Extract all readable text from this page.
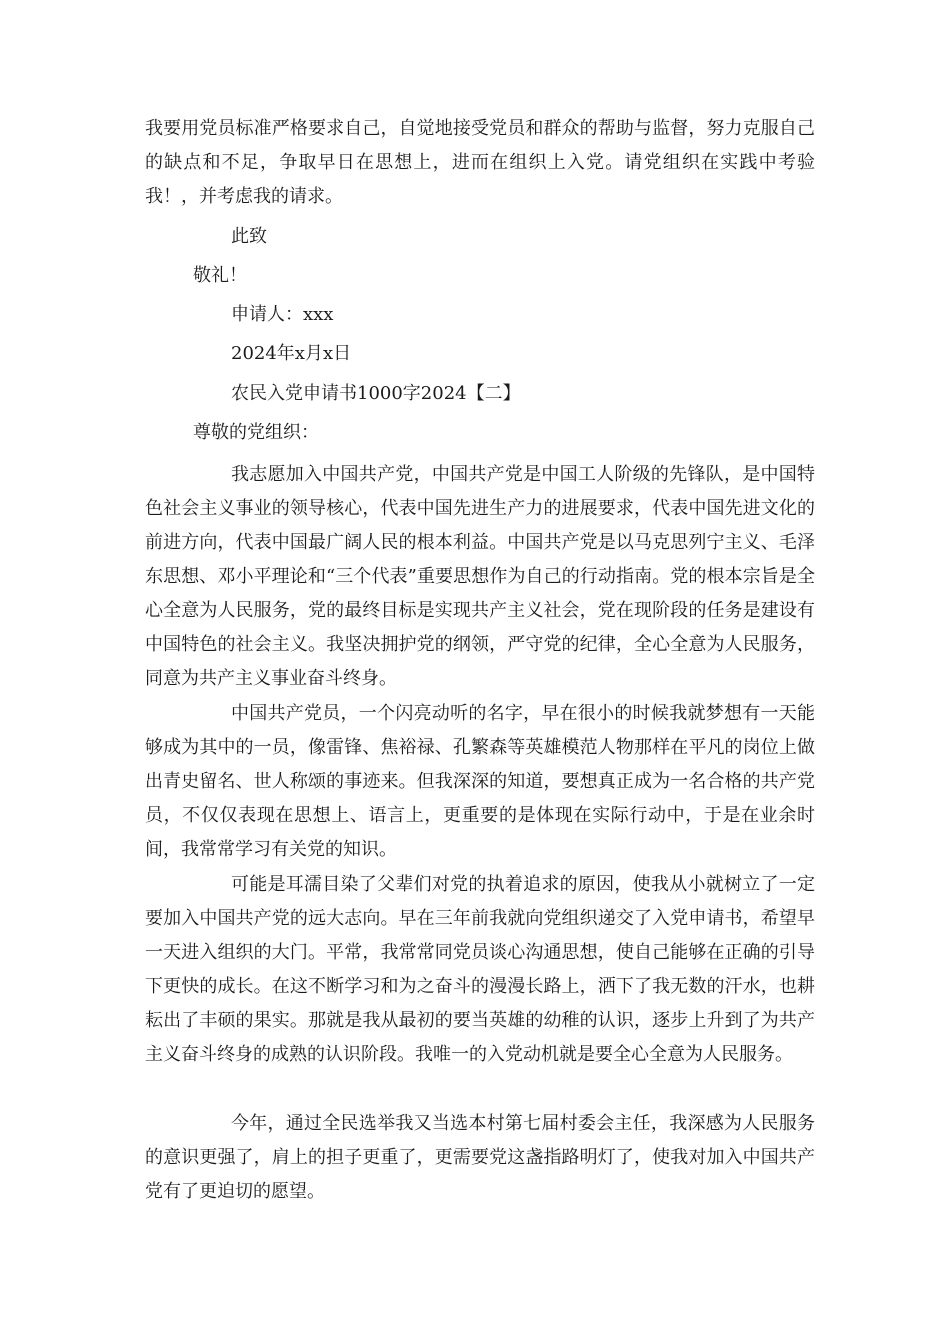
我要用党员标准严格要求自己，自觉地接受党员和群众的帮助与监督，努力克服自己的缺点和不足，争取早日在思想上，进而在组织上入党。请党组织在实践中考验我！，并考虑我的请求。

此致

敬礼！

申请人：xxx

2024年x月x日

农民入党申请书1000字2024【二】

尊敬的党组织：

我志愿加入中国共产党，中国共产党是中国工人阶级的先锋队，是中国特色社会主义事业的领导核心，代表中国先进生产力的进展要求，代表中国先进文化的前进方向，代表中国最广阔人民的根本利益。中国共产党是以马克思列宁主义、毛泽东思想、邓小平理论和“三个代表”重要思想作为自己的行动指南。党的根本宗旨是全心全意为人民服务，党的最终目标是实现共产主义社会，党在现阶段的任务是建设有中国特色的社会主义。我坚决拥护党的纲领，严守党的纪律，全心全意为人民服务，同意为共产主义事业奋斗终身。

中国共产党员，一个闪亮动听的名字，早在很小的时候我就梦想有一天能够成为其中的一员，像雷锋、焦裕禄、孔繁森等英雄模范人物那样在平凡的岗位上做出青史留名、世人称颂的事迹来。但我深深的知道，要想真正成为一名合格的共产党员，不仅仅表现在思想上、语言上，更重要的是体现在实际行动中，于是在业余时间，我常常学习有关党的知识。

可能是耳濡目染了父辈们对党的执着追求的原因，使我从小就树立了一定要加入中国共产党的远大志向。早在三年前我就向党组织递交了入党申请书，希望早一天进入组织的大门。平常，我常常同党员谈心沟通思想，使自己能够在正确的引导下更快的成长。在这不断学习和为之奋斗的漫漫长路上，洒下了我无数的汗水，也耕耘出了丰硕的果实。那就是我从最初的要当英雄的幼稚的认识，逐步上升到了为共产主义奋斗终身的成熟的认识阶段。我唯一的入党动机就是要全心全意为人民服务。

今年，通过全民选举我又当选本村第七届村委会主任，我深感为人民服务的意识更强了，肩上的担子更重了，更需要党这盏指路明灯了，使我对加入中国共产党有了更迫切的愿望。
